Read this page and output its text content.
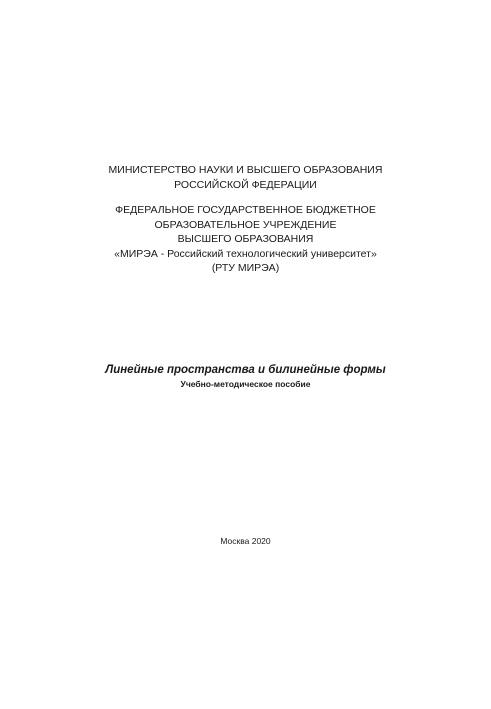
МИНИСТЕРСТВО НАУКИ И ВЫСШЕГО ОБРАЗОВАНИЯ
РОССИЙСКОЙ ФЕДЕРАЦИИ
ФЕДЕРАЛЬНОЕ ГОСУДАРСТВЕННОЕ БЮДЖЕТНОЕ
ОБРАЗОВАТЕЛЬНОЕ УЧРЕЖДЕНИЕ
ВЫСШЕГО ОБРАЗОВАНИЯ
«МИРЭА - Российский технологический университет»
(РТУ МИРЭА)
Линейные пространства и билинейные формы
Учебно-методическое пособие
Москва 2020
